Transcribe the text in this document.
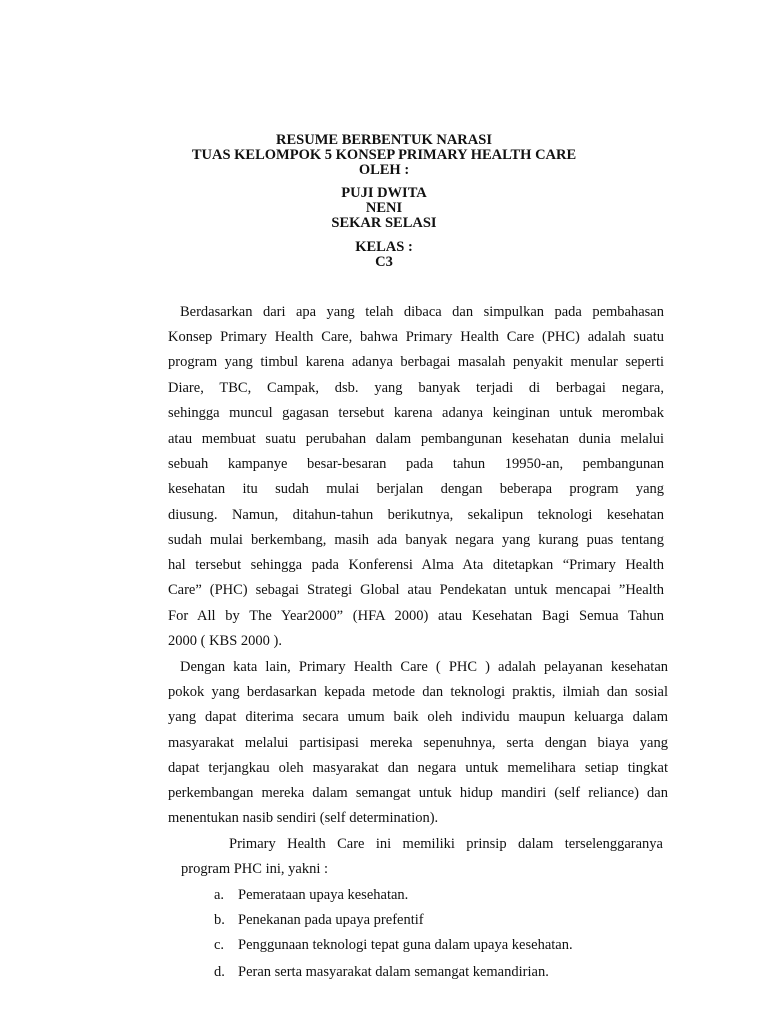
RESUME BERBENTUK NARASI
TUAS KELOMPOK 5 KONSEP PRIMARY HEALTH CARE
OLEH :
PUJI DWITA
NENI
SEKAR SELASI
KELAS :
C3
Berdasarkan dari apa yang telah dibaca dan simpulkan pada pembahasan
Konsep Primary Health Care, bahwa Primary Health Care (PHC) adalah suatu
program yang timbul karena adanya berbagai masalah penyakit menular seperti
Diare, TBC, Campak, dsb. yang banyak terjadi di berbagai negara,
sehingga muncul gagasan tersebut karena adanya keinginan untuk merombak
atau membuat suatu perubahan dalam pembangunan kesehatan dunia melalui
sebuah kampanye besar-besaran pada tahun 19950-an, pembangunan
kesehatan itu sudah mulai berjalan dengan beberapa program yang
diusung. Namun, ditahun-tahun berikutnya, sekalipun teknologi kesehatan
sudah mulai berkembang, masih ada banyak negara yang kurang puas tentang
hal tersebut sehingga pada Konferensi Alma Ata ditetapkan “Primary Health
Care” (PHC) sebagai Strategi Global atau Pendekatan untuk mencapai ”Health
For All by The Year2000” (HFA 2000) atau Kesehatan Bagi Semua Tahun
2000 ( KBS 2000 ).
Dengan kata lain, Primary Health Care ( PHC ) adalah pelayanan kesehatan
pokok yang berdasarkan kepada metode dan teknologi praktis, ilmiah dan sosial
yang dapat diterima secara umum baik oleh individu maupun keluarga dalam
masyarakat melalui partisipasi mereka sepenuhnya, serta dengan biaya yang
dapat terjangkau oleh masyarakat dan negara untuk memelihara setiap tingkat
perkembangan mereka dalam semangat untuk hidup mandiri (self reliance) dan
menentukan nasib sendiri (self determination).
Primary Health Care ini memiliki prinsip dalam terselenggaranya
program PHC ini, yakni :
a. Pemerataan upaya kesehatan.
b. Penekanan pada upaya prefentif
c. Penggunaan teknologi tepat guna dalam upaya kesehatan.
d. Peran serta masyarakat dalam semangat kemandirian.
